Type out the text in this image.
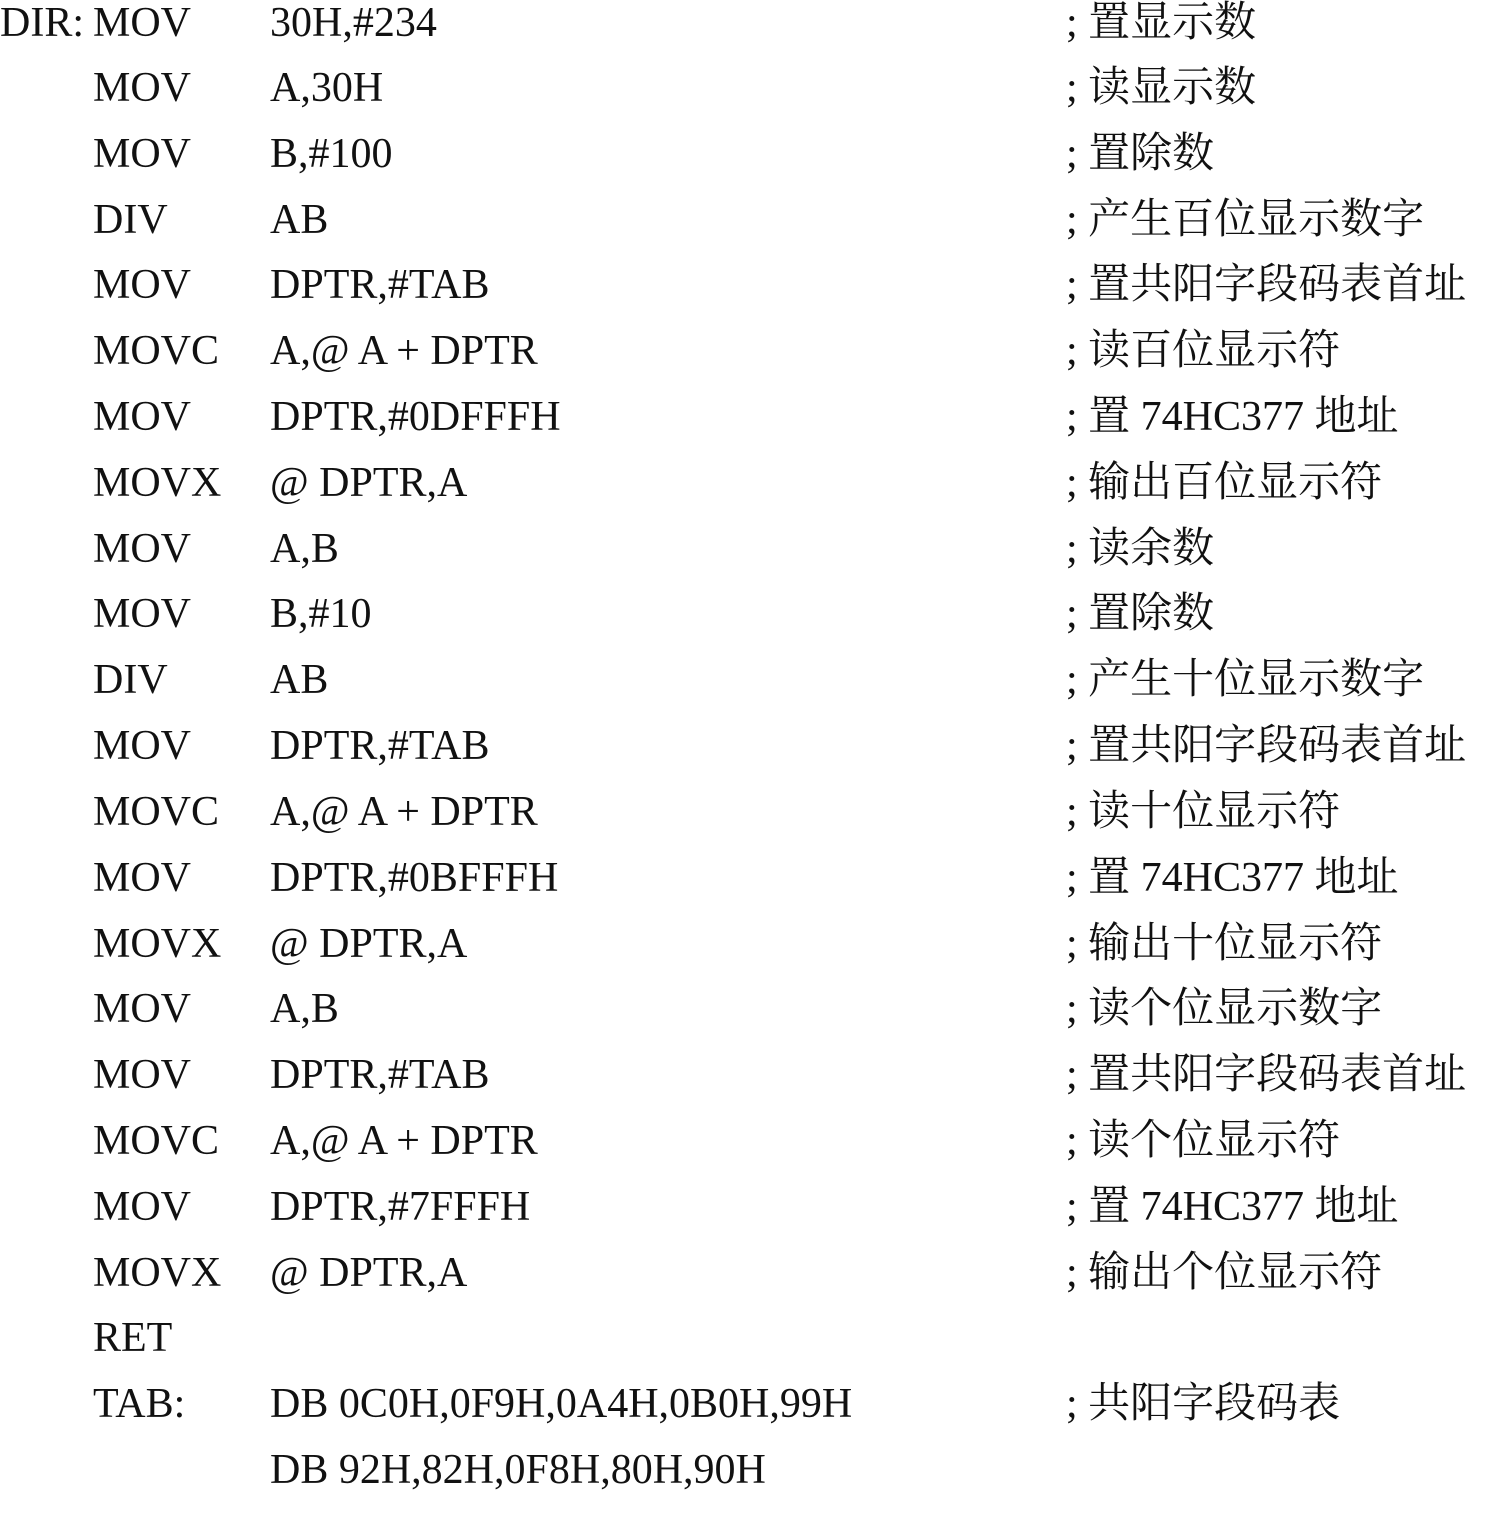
DIR: MOV 30H,#234	; 置显示数
MOV A,30H	; 读显示数
MOV B,#100	; 置除数
DIV AB	; 产生百位显示数字
MOV DPTR,#TAB	; 置共阳字段码表首址
MOVC A,@ A + DPTR	; 读百位显示符
MOV DPTR,#0DFFFH	; 置 74HC377 地址
MOVX @ DPTR,A	; 输出百位显示符
MOV A,B	; 读余数
MOV B,#10	; 置除数
DIV AB	; 产生十位显示数字
MOV DPTR,#TAB	; 置共阳字段码表首址
MOVC A,@ A + DPTR	; 读十位显示符
MOV DPTR,#0BFFFH	; 置 74HC377 地址
MOVX @ DPTR,A	; 输出十位显示符
MOV A,B	; 读个位显示数字
MOV DPTR,#TAB	; 置共阳字段码表首址
MOVC A,@ A + DPTR	; 读个位显示符
MOV DPTR,#7FFFH	; 置 74HC377 地址
MOVX @ DPTR,A	; 输出个位显示符
RET
TAB: DB 0C0H,0F9H,0A4H,0B0H,99H	; 共阳字段码表
DB 92H,82H,0F8H,80H,90H
